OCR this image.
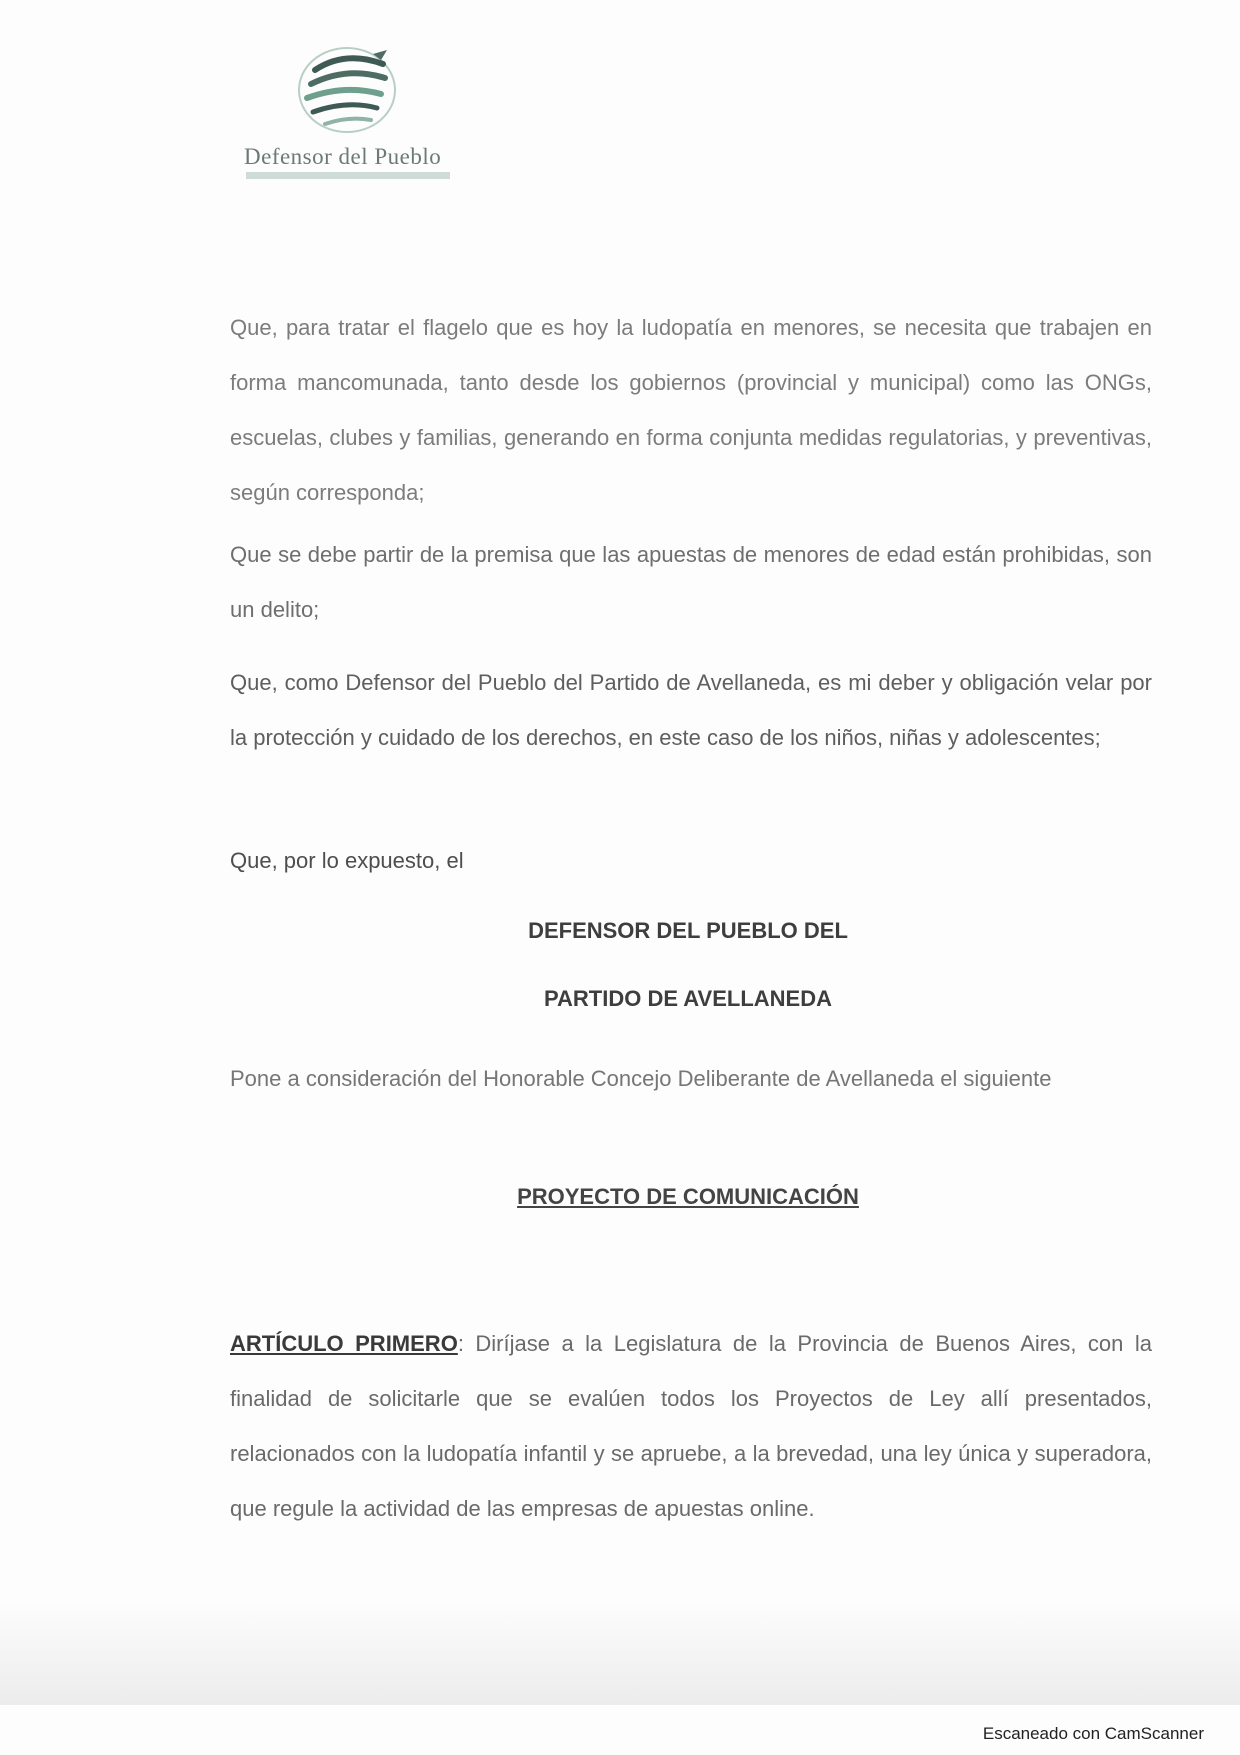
Defensor del Pueblo

Que, para tratar el flagelo que es hoy la ludopatía en menores, se necesita que trabajen en forma mancomunada, tanto desde los gobiernos (provincial y municipal) como las ONGs, escuelas, clubes y familias, generando en forma conjunta medidas regulatorias, y preventivas, según corresponda;

Que se debe partir de la premisa que las apuestas de menores de edad están prohibidas, son un delito;

Que, como Defensor del Pueblo del Partido de Avellaneda, es mi deber y obligación velar por la protección y cuidado de los derechos, en este caso de los niños, niñas y adolescentes;

Que, por lo expuesto, el

DEFENSOR DEL PUEBLO DEL
PARTIDO DE AVELLANEDA

Pone a consideración del Honorable Concejo Deliberante de Avellaneda el siguiente

PROYECTO DE COMUNICACIÓN

ARTÍCULO PRIMERO: Diríjase a la Legislatura de la Provincia de Buenos Aires, con la finalidad de solicitarle que se evalúen todos los Proyectos de Ley allí presentados, relacionados con la ludopatía infantil y se apruebe, a la brevedad, una ley única y superadora, que regule la actividad de las empresas de apuestas online.

Escaneado con CamScanner
